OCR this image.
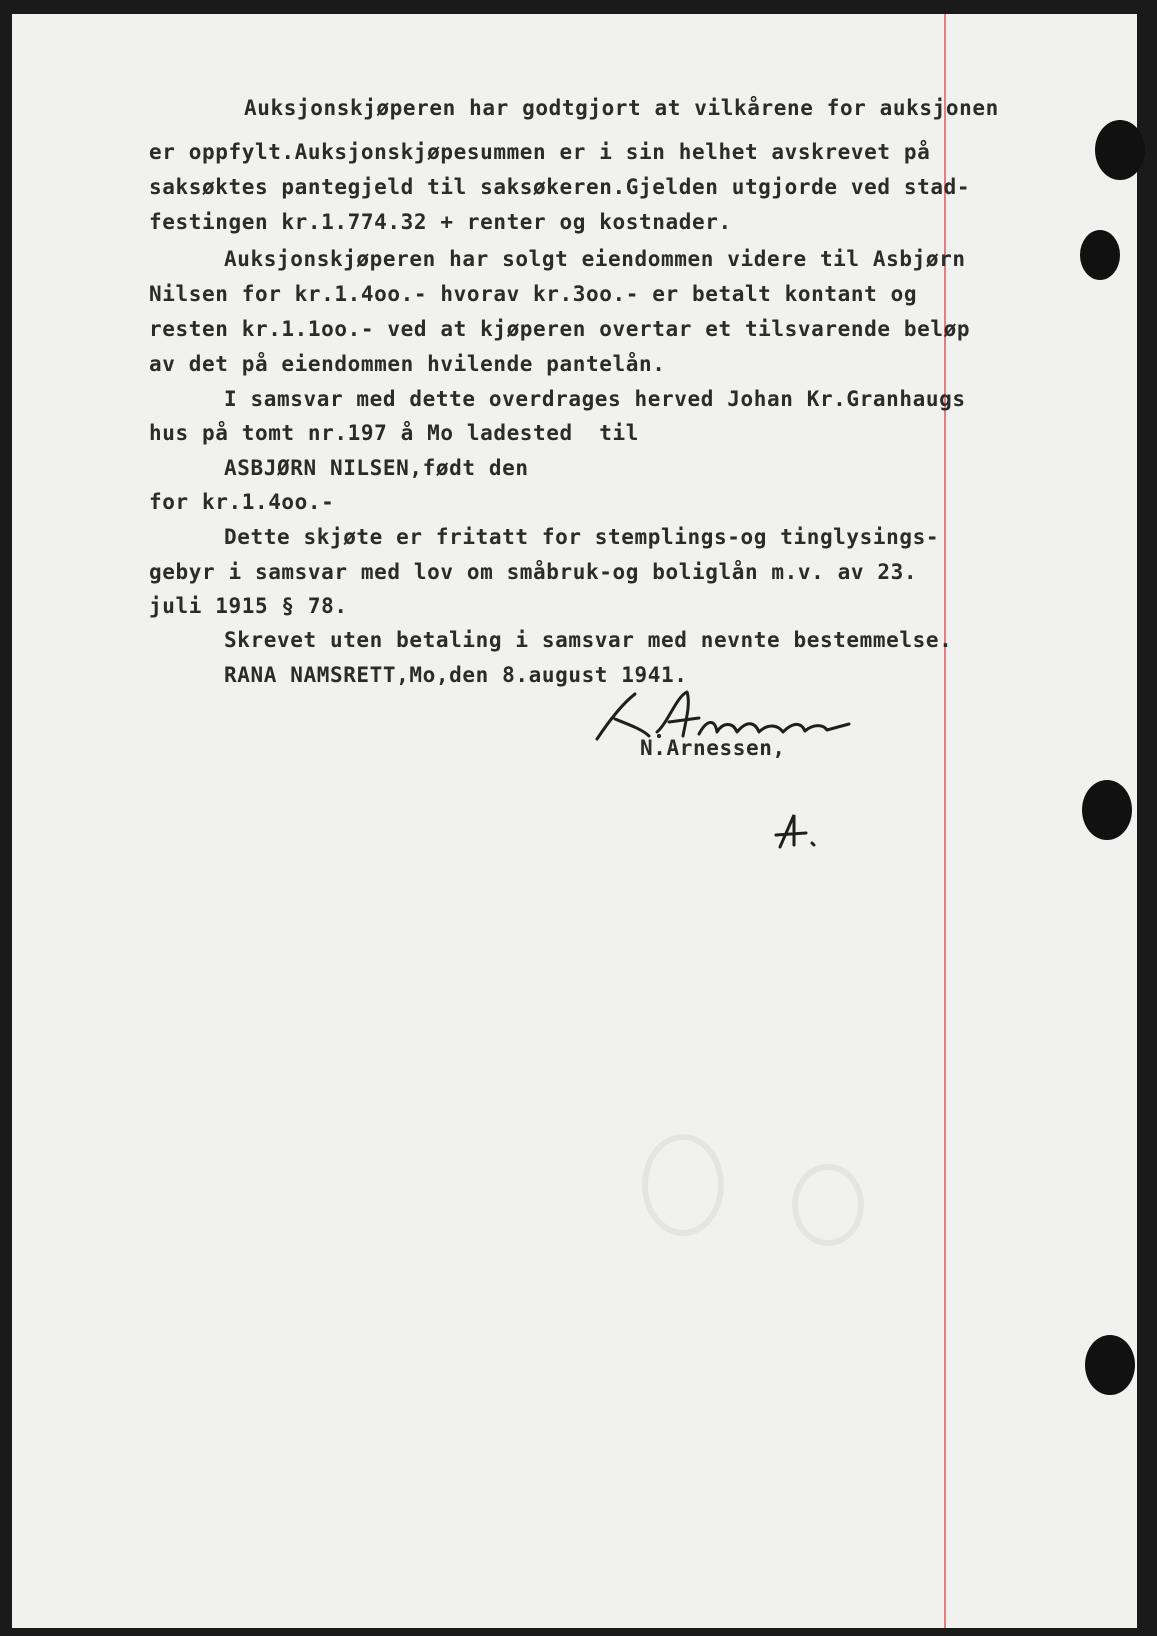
Auksjonskjøperen har godtgjort at vilkårene for auksjonen
er oppfylt.Auksjonskjøpesummen er i sin helhet avskrevet på
saksøktes pantegjeld til saksøkeren.Gjelden utgjorde ved stad-
festingen kr.1.774.32 + renter og kostnader.
Auksjonskjøperen har solgt eiendommen videre til Asbjørn
Nilsen for kr.1.4oo.- hvorav kr.3oo.- er betalt kontant og
resten kr.1.1oo.- ved at kjøperen overtar et tilsvarende beløp
av det på eiendommen hvilende pantelån.
I samsvar med dette overdrages herved Johan Kr.Granhaugs
hus på tomt nr.197 å Mo ladested  til
ASBJØRN NILSEN,født den
for kr.1.4oo.-
Dette skjøte er fritatt for stemplings-og tinglysings-
gebyr i samsvar med lov om småbruk-og boliglån m.v. av 23.
juli 1915 § 78.
Skrevet uten betaling i samsvar med nevnte bestemmelse.
RANA NAMSRETT,Mo,den 8.august 1941.
N.Arnessen,
